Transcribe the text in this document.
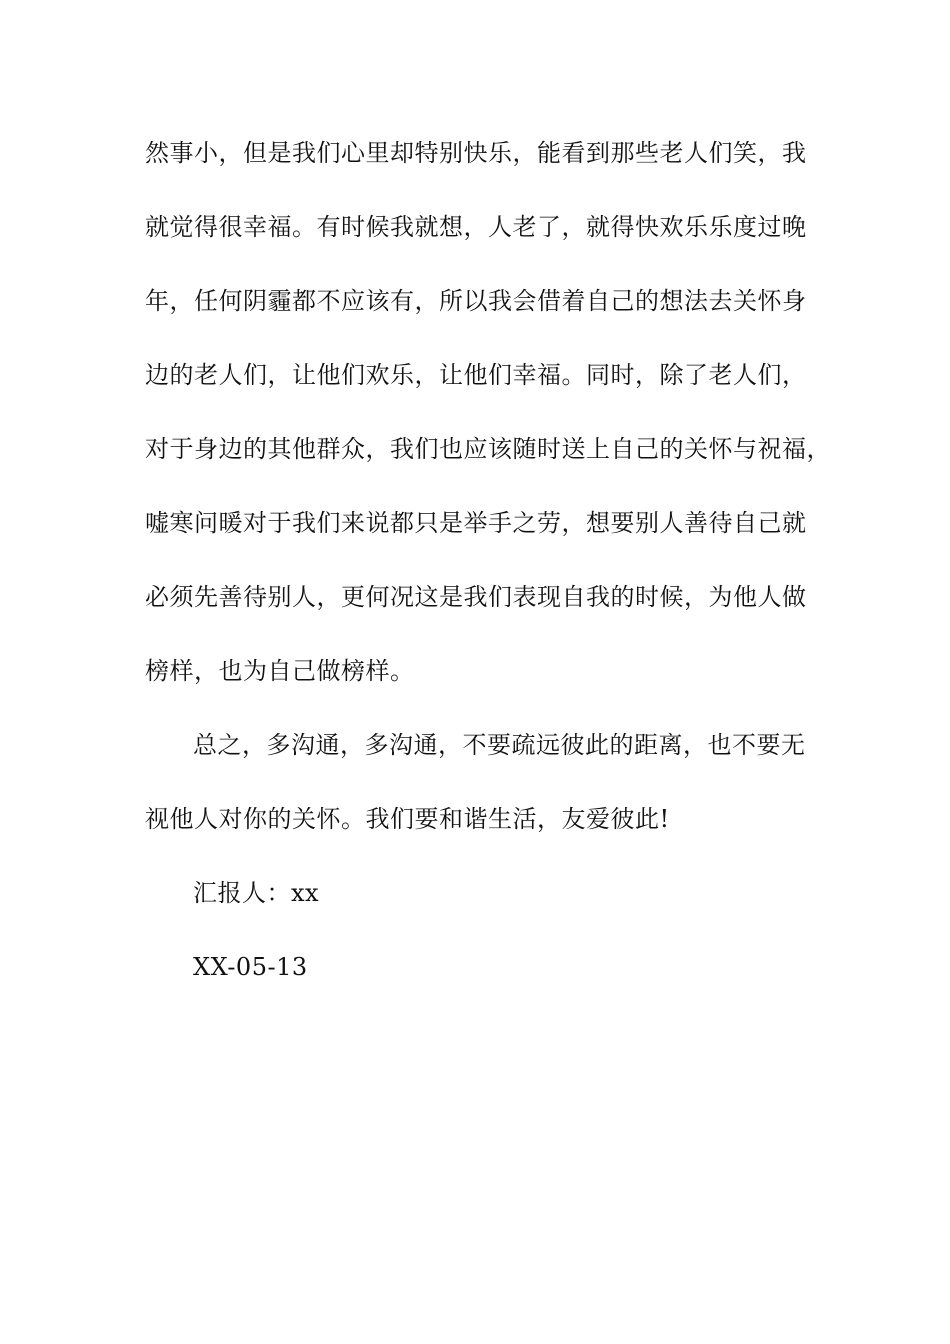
然事小，但是我们心里却特别快乐，能看到那些老人们笑，我
就觉得很幸福。有时候我就想，人老了，就得快欢乐乐度过晚
年，任何阴霾都不应该有，所以我会借着自己的想法去关怀身
边的老人们，让他们欢乐，让他们幸福。同时，除了老人们，
对于身边的其他群众，我们也应该随时送上自己的关怀与祝福，
嘘寒问暖对于我们来说都只是举手之劳，想要别人善待自己就
必须先善待别人，更何况这是我们表现自我的时候，为他人做
榜样，也为自己做榜样。
总之，多沟通，多沟通，不要疏远彼此的距离，也不要无
视他人对你的关怀。我们要和谐生活，友爱彼此!
汇报人：xx
XX-05-13
